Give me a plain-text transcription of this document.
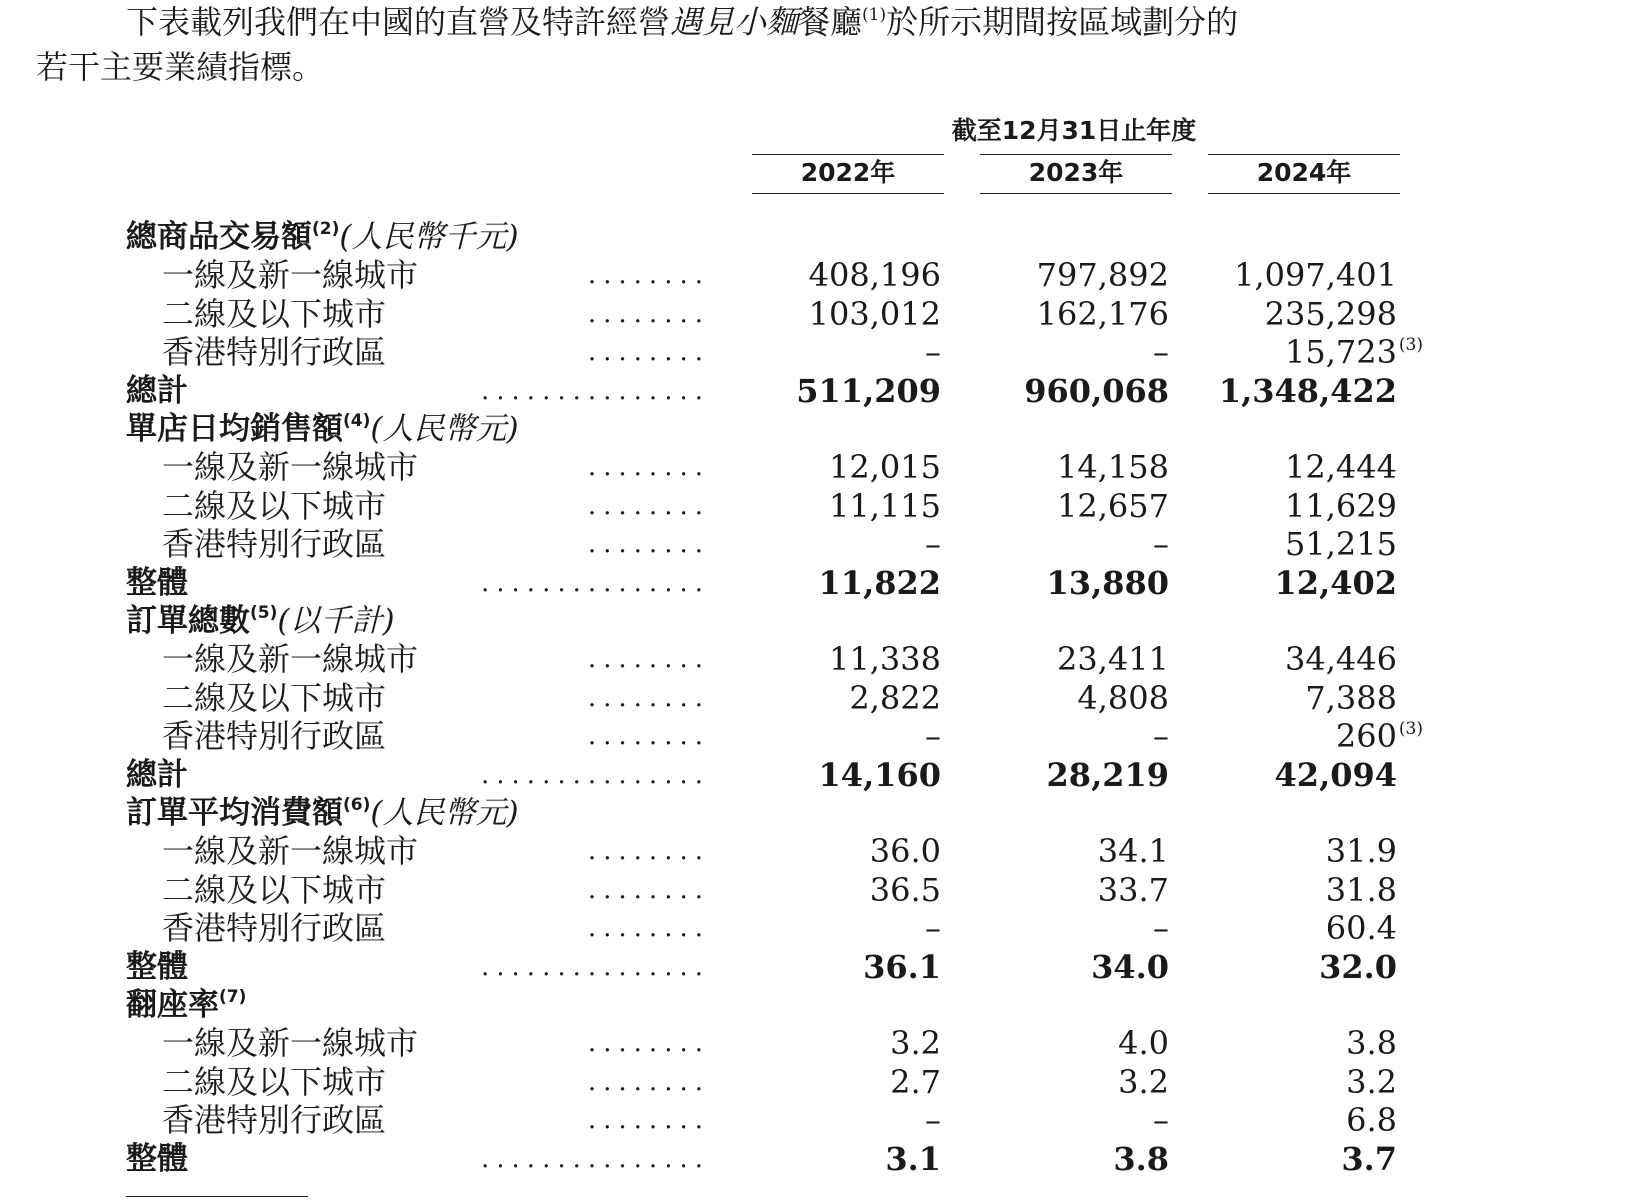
下表載列我們在中國的直營及特許經營遇見小麵餐廳$^{(1)}$於所示期間按區域劃分的
若干主要業績指標。
截至12月31日止年度
2022年	2023年	2024年
總商品交易額$^{(2)}$(人民幣千元)
一線及新一線城市	........	408,196	797,892	1,097,401
二線及以下城市	........	103,012	162,176	235,298
香港特別行政區	........	–	–	15,723 (3)
總計	...............	511,209	960,068	1,348,422
單店日均銷售額$^{(4)}$(人民幣元)
一線及新一線城市	........	12,015	14,158	12,444
二線及以下城市	........	11,115	12,657	11,629
香港特別行政區	........	–	–	51,215
整體	...............	11,822	13,880	12,402
訂單總數$^{(5)}$(以千計)
一線及新一線城市	........	11,338	23,411	34,446
二線及以下城市	........	2,822	4,808	7,388
香港特別行政區	........	–	–	260 (3)
總計	...............	14,160	28,219	42,094
訂單平均消費額$^{(6)}$(人民幣元)
一線及新一線城市	........	36.0	34.1	31.9
二線及以下城市	........	36.5	33.7	31.8
香港特別行政區	........	–	–	60.4
整體	...............	36.1	34.0	32.0
翻座率$^{(7)}$
一線及新一線城市	........	3.2	4.0	3.8
二線及以下城市	........	2.7	3.2	3.2
香港特別行政區	........	–	–	6.8
整體	...............	3.1	3.8	3.7
